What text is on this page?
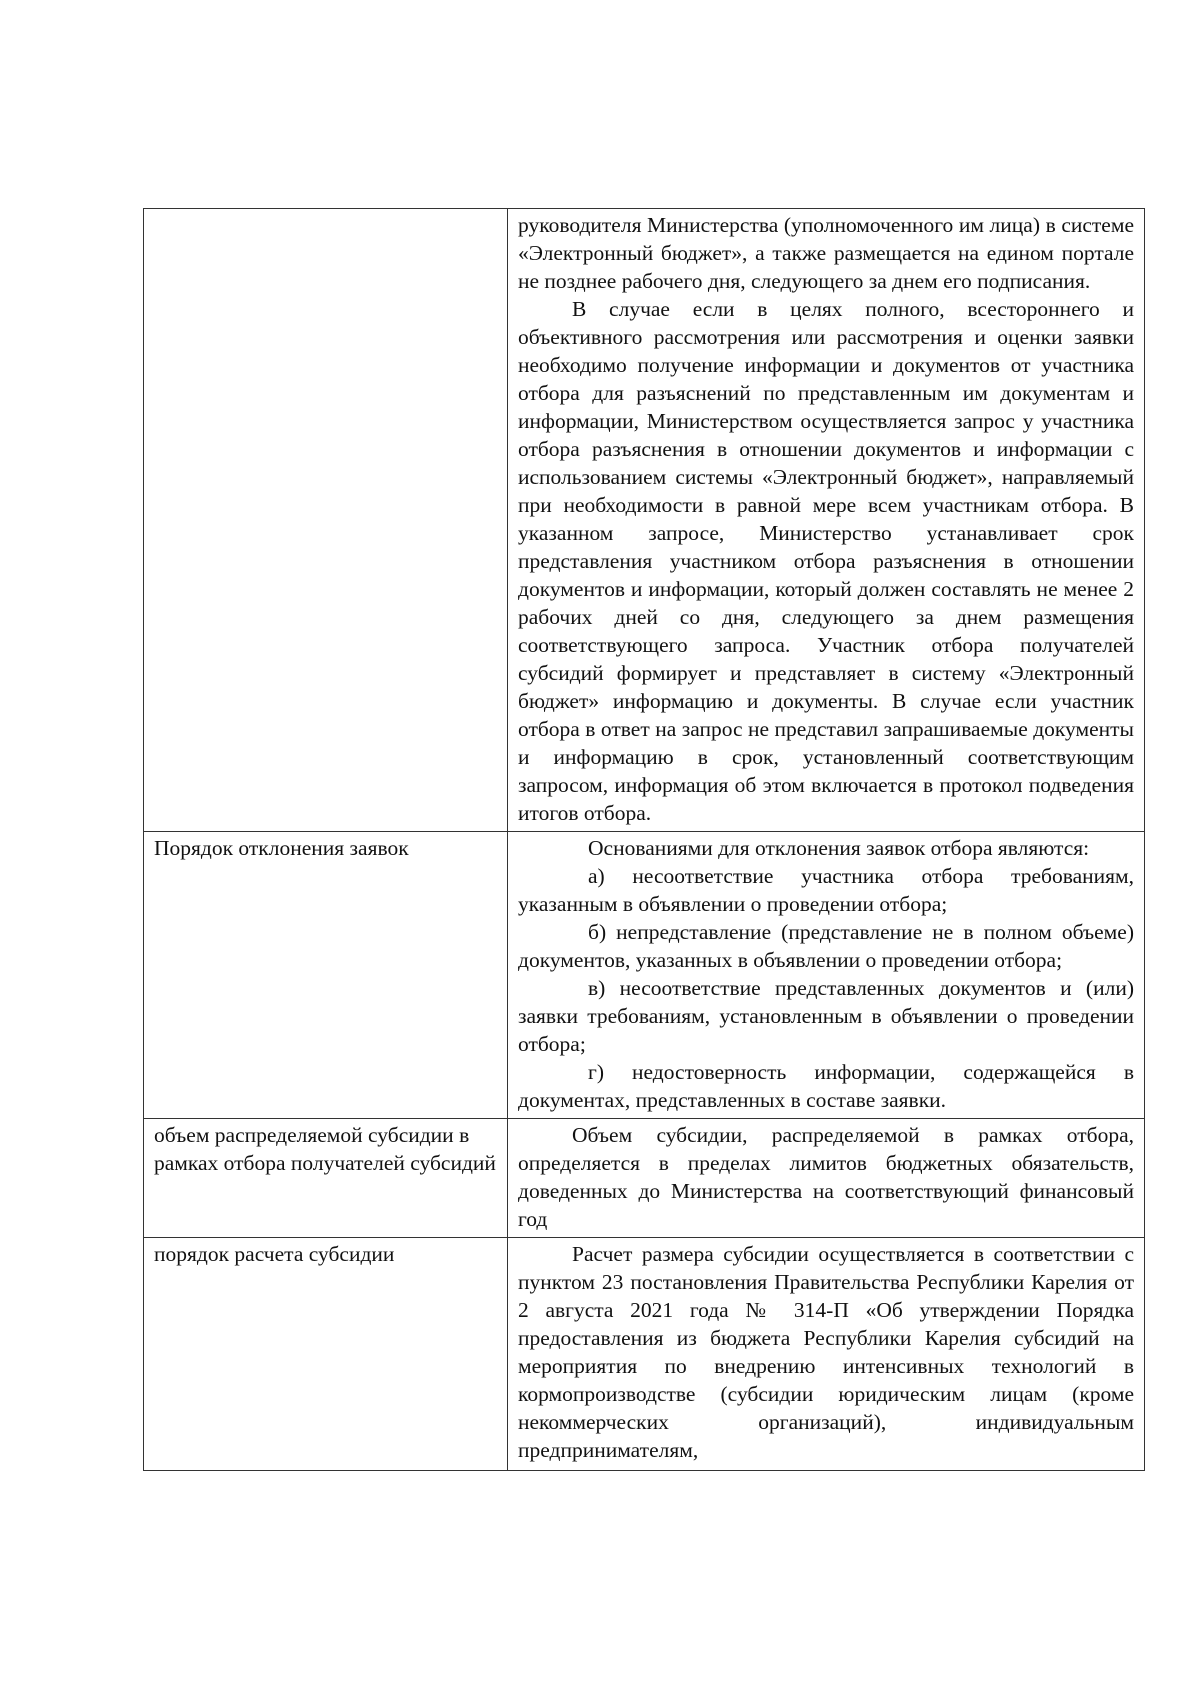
	руководителя Министерства (уполномоченного им лица) в системе «Электронный бюджет», а также размещается на едином портале не позднее рабочего дня, следующего за днем его подписания.

В случае если в целях полного, всестороннего и объективного рассмотрения или рассмотрения и оценки заявки необходимо получение информации и документов от участника отбора для разъяснений по представленным им документам и информации, Министерством осуществляется запрос у участника отбора разъяснения в отношении документов и информации с использованием системы «Электронный бюджет», направляемый при необходимости в равной мере всем участникам отбора. В указанном запросе, Министерство устанавливает срок представления участником отбора разъяснения в отношении документов и информации, который должен составлять не менее 2 рабочих дней со дня, следующего за днем размещения соответствующего запроса. Участник отбора получателей субсидий формирует и представляет в систему «Электронный бюджет» информацию и документы. В случае если участник отбора в ответ на запрос не представил запрашиваемые документы и информацию в срок, установленный соответствующим запросом, информация об этом включается в протокол подведения итогов отбора.

Порядок отклонения заявок	Основаниями для отклонения заявок отбора являются:

а) несоответствие участника отбора требованиям, указанным в объявлении о проведении отбора;

б) непредставление (представление не в полном объеме) документов, указанных в объявлении о проведении отбора;

в) несоответствие представленных документов и (или) заявки требованиям, установленным в объявлении о проведении отбора;

г) недостоверность информации, содержащейся в документах, представленных в составе заявки.

объем распределяемой субсидии в рамках отбора получателей субсидий	Объем субсидии, распределяемой в рамках отбора, определяется в пределах лимитов бюджетных обязательств, доведенных до Министерства на соответствующий финансовый год

порядок расчета субсидии	Расчет размера субсидии осуществляется в соответствии с пунктом 23 постановления Правительства Республики Карелия от 2 августа 2021 года № 314-П «Об утверждении Порядка предоставления из бюджета Республики Карелия субсидий на мероприятия по внедрению интенсивных технологий в кормопроизводстве (субсидии юридическим лицам (кроме некоммерческих организаций), индивидуальным предпринимателям,
